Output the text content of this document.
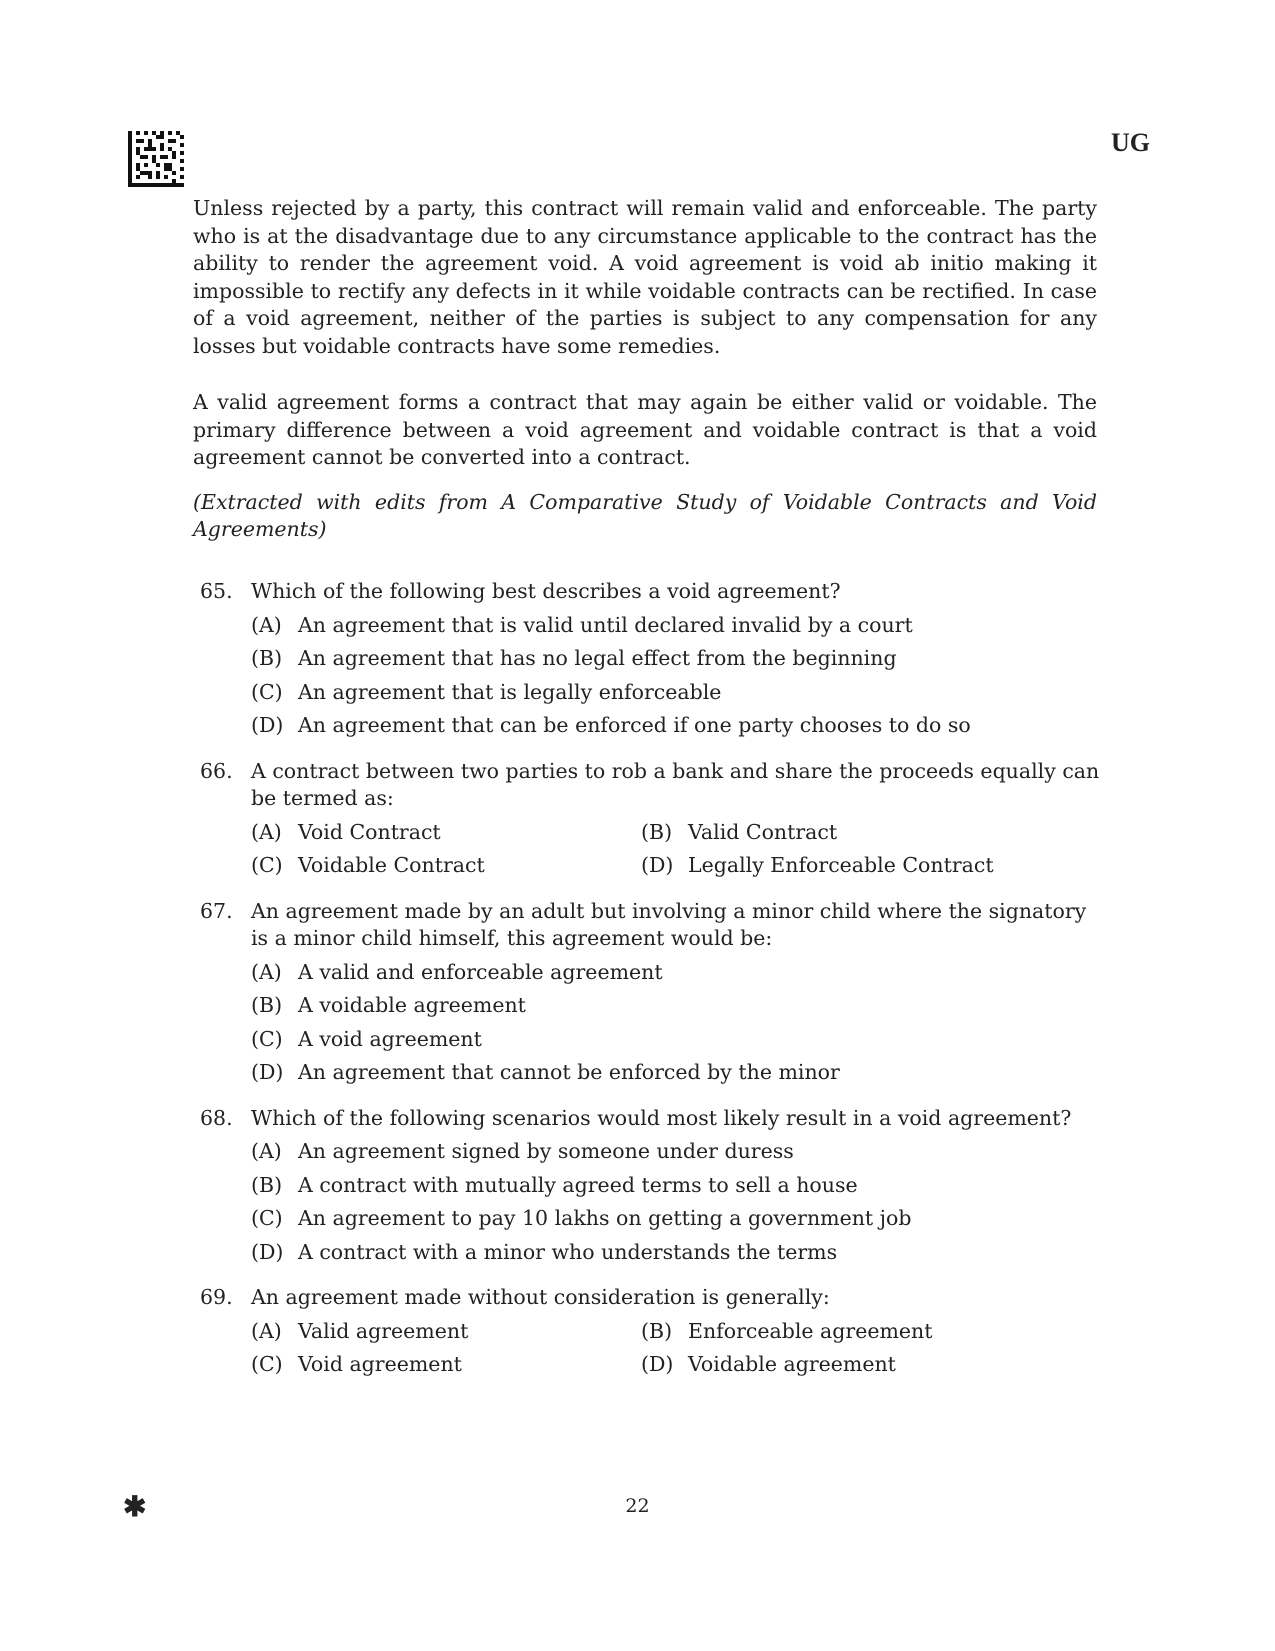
UG

Unless rejected by a party, this contract will remain valid and enforceable. The party who is at the disadvantage due to any circumstance applicable to the contract has the ability to render the agreement void. A void agreement is void ab initio making it impossible to rectify any defects in it while voidable contracts can be rectified. In case of a void agreement, neither of the parties is subject to any compensation for any losses but voidable contracts have some remedies.

A valid agreement forms a contract that may again be either valid or voidable. The primary difference between a void agreement and voidable contract is that a void agreement cannot be converted into a contract.

(Extracted with edits from A Comparative Study of Voidable Contracts and Void Agreements)

65. Which of the following best describes a void agreement?
(A) An agreement that is valid until declared invalid by a court
(B) An agreement that has no legal effect from the beginning
(C) An agreement that is legally enforceable
(D) An agreement that can be enforced if one party chooses to do so
66. A contract between two parties to rob a bank and share the proceeds equally can be termed as:
(A) Void Contract	(B) Valid Contract
(C) Voidable Contract	(D) Legally Enforceable Contract
67. An agreement made by an adult but involving a minor child where the signatory is a minor child himself, this agreement would be:
(A) A valid and enforceable agreement
(B) A voidable agreement
(C) A void agreement
(D) An agreement that cannot be enforced by the minor
68. Which of the following scenarios would most likely result in a void agreement?
(A) An agreement signed by someone under duress
(B) A contract with mutually agreed terms to sell a house
(C) An agreement to pay 10 lakhs on getting a government job
(D) A contract with a minor who understands the terms
69. An agreement made without consideration is generally:
(A) Valid agreement	(B) Enforceable agreement
(C) Void agreement	(D) Voidable agreement
✱	22
